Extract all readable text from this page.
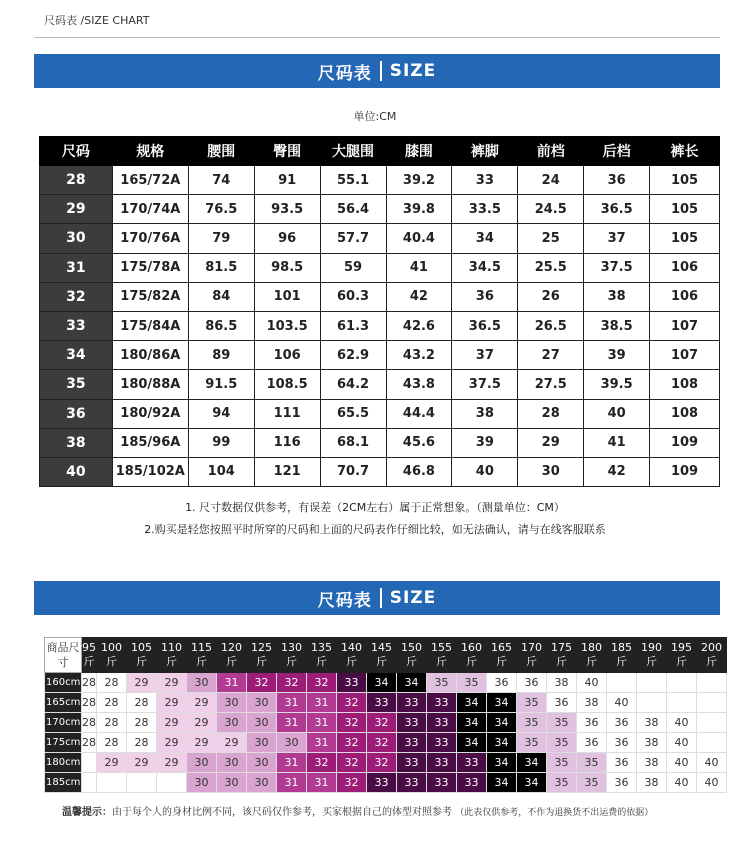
尺码表 /SIZE CHART
尺码表 SIZE
单位:CM
尺码	规格	腰围	臀围	大腿围	膝围	裤脚	前档	后档	裤长
28	165/72A	74	91	55.1	39.2	33	24	36	105
29	170/74A	76.5	93.5	56.4	39.8	33.5	24.5	36.5	105
30	170/76A	79	96	57.7	40.4	34	25	37	105
31	175/78A	81.5	98.5	59	41	34.5	25.5	37.5	106
32	175/82A	84	101	60.3	42	36	26	38	106
33	175/84A	86.5	103.5	61.3	42.6	36.5	26.5	38.5	107
34	180/86A	89	106	62.9	43.2	37	27	39	107
35	180/88A	91.5	108.5	64.2	43.8	37.5	27.5	39.5	108
36	180/92A	94	111	65.5	44.4	38	28	40	108
38	185/96A	99	116	68.1	45.6	39	29	41	109
40	185/102A	104	121	70.7	46.8	40	30	42	109
1. 尺寸数据仅供参考，有误差（2CM左右）属于正常想象。（测量单位：CM）
2.购买是轻您按照平时所穿的尺码和上面的尺码表作仔细比较，如无法确认，请与在线客服联系
尺码表 SIZE
商品尺寸	95斤	100斤	105斤	110斤	115斤	120斤	125斤	130斤	135斤	140斤	145斤	150斤	155斤	160斤	165斤	170斤	175斤	180斤	185斤	190斤	195斤	200斤
160cm	28	28	29	29	30	31	32	32	32	33	34	34	35	35	36	36	38	40				
165cm	28	28	28	29	29	30	30	31	31	32	33	33	33	34	34	35	36	38	40			
170cm	28	28	28	29	29	30	30	31	31	32	32	33	33	34	34	35	35	36	36	38	40	
175cm	28	28	28	29	29	29	30	30	31	32	32	33	33	34	34	35	35	36	36	38	40	
180cm		29	29	29	30	30	30	31	32	32	32	33	33	33	34	34	35	35	36	38	40	40
185cm					30	30	30	31	31	32	33	33	33	33	34	34	35	35	36	38	40	40
温馨提示：由于每个人的身材比例不同，该尺码仅作参考，买家根据自己的体型对照参考 （此表仅供参考，不作为退换货不出运费的依据）
